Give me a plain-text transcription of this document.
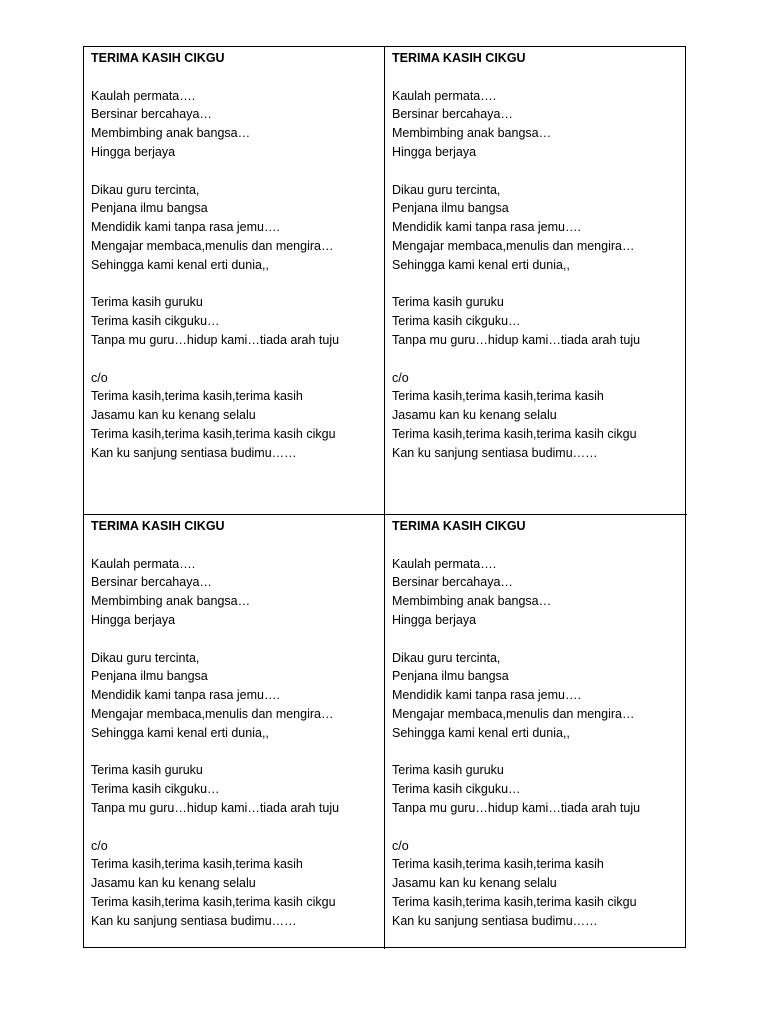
TERIMA KASIH CIKGU
Kaulah permata….
Bersinar bercahaya…
Membimbing anak bangsa…
Hingga berjaya
Dikau guru tercinta,
Penjana ilmu bangsa
Mendidik kami tanpa rasa jemu….
Mengajar membaca,menulis dan mengira…
Sehingga kami kenal erti dunia,,
Terima kasih guruku
Terima kasih cikguku…
Tanpa mu guru…hidup kami…tiada arah tuju
c/o
Terima kasih,terima kasih,terima kasih
Jasamu kan ku kenang selalu
Terima kasih,terima kasih,terima kasih cikgu
Kan ku sanjung sentiasa budimu……
TERIMA KASIH CIKGU
Kaulah permata….
Bersinar bercahaya…
Membimbing anak bangsa…
Hingga berjaya
Dikau guru tercinta,
Penjana ilmu bangsa
Mendidik kami tanpa rasa jemu….
Mengajar membaca,menulis dan mengira…
Sehingga kami kenal erti dunia,,
Terima kasih guruku
Terima kasih cikguku…
Tanpa mu guru…hidup kami…tiada arah tuju
c/o
Terima kasih,terima kasih,terima kasih
Jasamu kan ku kenang selalu
Terima kasih,terima kasih,terima kasih cikgu
Kan ku sanjung sentiasa budimu……
TERIMA KASIH CIKGU
Kaulah permata….
Bersinar bercahaya…
Membimbing anak bangsa…
Hingga berjaya
Dikau guru tercinta,
Penjana ilmu bangsa
Mendidik kami tanpa rasa jemu….
Mengajar membaca,menulis dan mengira…
Sehingga kami kenal erti dunia,,
Terima kasih guruku
Terima kasih cikguku…
Tanpa mu guru…hidup kami…tiada arah tuju
c/o
Terima kasih,terima kasih,terima kasih
Jasamu kan ku kenang selalu
Terima kasih,terima kasih,terima kasih cikgu
Kan ku sanjung sentiasa budimu……
TERIMA KASIH CIKGU
Kaulah permata….
Bersinar bercahaya…
Membimbing anak bangsa…
Hingga berjaya
Dikau guru tercinta,
Penjana ilmu bangsa
Mendidik kami tanpa rasa jemu….
Mengajar membaca,menulis dan mengira…
Sehingga kami kenal erti dunia,,
Terima kasih guruku
Terima kasih cikguku…
Tanpa mu guru…hidup kami…tiada arah tuju
c/o
Terima kasih,terima kasih,terima kasih
Jasamu kan ku kenang selalu
Terima kasih,terima kasih,terima kasih cikgu
Kan ku sanjung sentiasa budimu……
